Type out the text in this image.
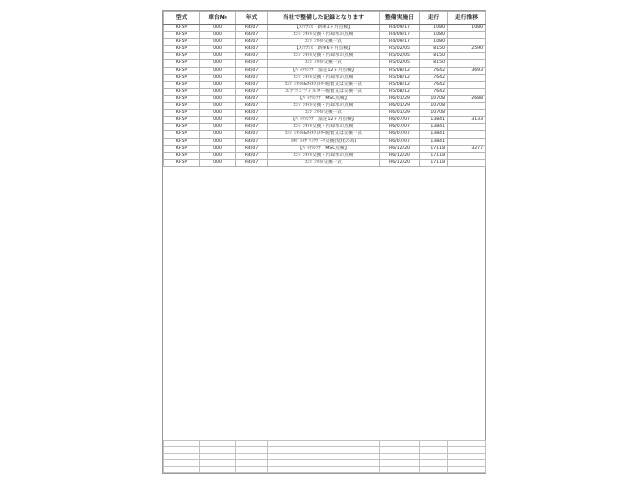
型式	車台№	年式	当社で整備した記録となります	整備実施日	走行	走行推移
KF5P	000	R4/07	【ﾒﾝﾃﾅﾝｽ　新車1ヶ月点検】	R4/09/17	1080	1080
KF5P	000	R4/07	ｴﾝｼﾞﾝｵｲﾙ交換・污却水の点検	R4/09/17	1080	
KF5P	000	R4/07	ｴﾝｼﾞﾝｵｲﾙ交換一式	R4/09/17	1080	
KF5P	000	R4/07	【ﾒﾝﾃﾅﾝｽ　新車6ヶ月点検】	R5/02/05	8150	2590
KF5P	000	R4/07	ｴﾝｼﾞﾝｵｲﾙ交換・污却水の点検	R5/02/05	8150	
KF5P	000	R4/07	ｴﾝｼﾞﾝｵｲﾙ交換一式	R5/02/05	8150	
KF5P	000	R4/07	【ﾊﾟｯｸﾒﾝﾃﾅ　法定12ヶ月点検】	R5/08/12	7642	3693
KF5P	000	R4/07	ｴﾝｼﾞﾝｵｲﾙ交換・污却水の点検	R5/08/12	7642	
KF5P	000	R4/07	ｴﾝｼﾞﾝｵｲﾙ&ｵｲﾙﾌｨﾙﾀｰ脱着又は交換一式	R5/08/12	7642	
KF5P	000	R4/07	エアコンフィルター脱着又は交換一式	R5/08/12	7642	
KF5P	000	R4/07	【ﾊﾟｯｸﾒﾝﾃﾅ　MSC点検】	R6/01/29	10708	2688
KF5P	000	R4/07	ｴﾝｼﾞﾝｵｲﾙ交換・污却水の点検	R6/01/29	10708	
KF5P	000	R4/07	ｴﾝｼﾞﾝｵｲﾙ交換一式	R6/01/29	10708	
KF5P	000	R4/07	【ﾊﾟｯｸﾒﾝﾃﾅ　法定12ヶ月点検】	R6/07/07	13841	3133
KF5P	000	R4/07	ｴﾝｼﾞﾝｵｲﾙ交換・污却水の点検	R6/07/07	13841	
KF5P	000	R4/07	ｴﾝｼﾞﾝｵｲﾙ&ｵｲﾙﾌｨﾙﾀｰ脱着又は交換一式	R6/07/07	13841	
KF5P	000	R4/07	ｽﾀﾋﾞﾗｲｻﾞﾘﾝｸﾌﾞｰﾂ交換(変化の為)	R6/07/07	13841	
KF5P	000	R4/07	【ﾊﾟｯｸﾒﾝﾃﾅ　MSC点検】	R6/12/20	17118	3277
KF5P	000	R4/07	ｴﾝｼﾞﾝｵｲﾙ交換・污却水の点検	R6/12/20	17118	
KF5P	000	R4/07	ｴﾝｼﾞﾝｵｲﾙ交換一式	R6/12/20	17118	
